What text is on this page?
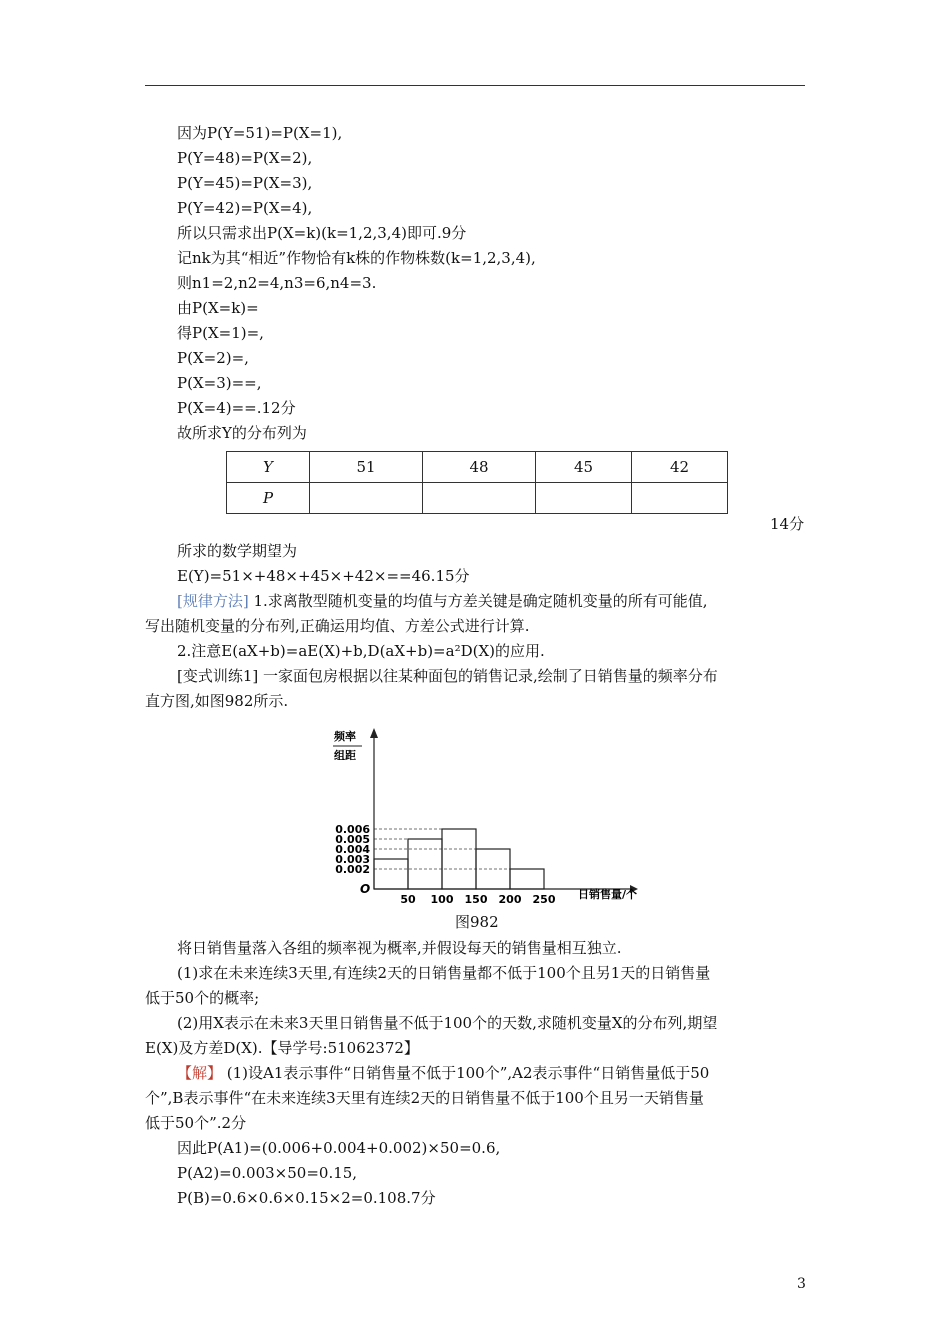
因为P(Y=51)=P(X=1),
P(Y=48)=P(X=2),
P(Y=45)=P(X=3),
P(Y=42)=P(X=4),
所以只需求出P(X=k)(k=1,2,3,4)即可.9分
记nk为其“相近”作物恰有k株的作物株数(k=1,2,3,4),
则n1=2,n2=4,n3=6,n4=3.
由P(X=k)=
得P(X=1)=,
P(X=2)=,
P(X=3)==,
P(X=4)==.12分
故所求Y的分布列为
Y	51	48	45	42
P				
14分
所求的数学期望为
E(Y)=51×+48×+45×+42×==46.15分
[规律方法] 1.求离散型随机变量的均值与方差关键是确定随机变量的所有可能值,
写出随机变量的分布列,正确运用均值、方差公式进行计算.
2.注意E(aX+b)=aE(X)+b,D(aX+b)=a²D(X)的应用.
[变式训练1] 一家面包房根据以往某种面包的销售记录,绘制了日销售量的频率分布
直方图,如图982所示.
频率
组距
O	日销售量/个
50 100 150 200 250
0.002
0.003
0.004
0.005
0.006
图982
将日销售量落入各组的频率视为概率,并假设每天的销售量相互独立.
(1)求在未来连续3天里,有连续2天的日销售量都不低于100个且另1天的日销售量
低于50个的概率;
(2)用X表示在未来3天里日销售量不低于100个的天数,求随机变量X的分布列,期望
E(X)及方差D(X).【导学号:51062372】
【解】 (1)设A1表示事件“日销售量不低于100个”,A2表示事件“日销售量低于50
个”,B表示事件“在未来连续3天里有连续2天的日销售量不低于100个且另一天销售量
低于50个”.2分
因此P(A1)=(0.006+0.004+0.002)×50=0.6,
P(A2)=0.003×50=0.15,
P(B)=0.6×0.6×0.15×2=0.108.7分
3
